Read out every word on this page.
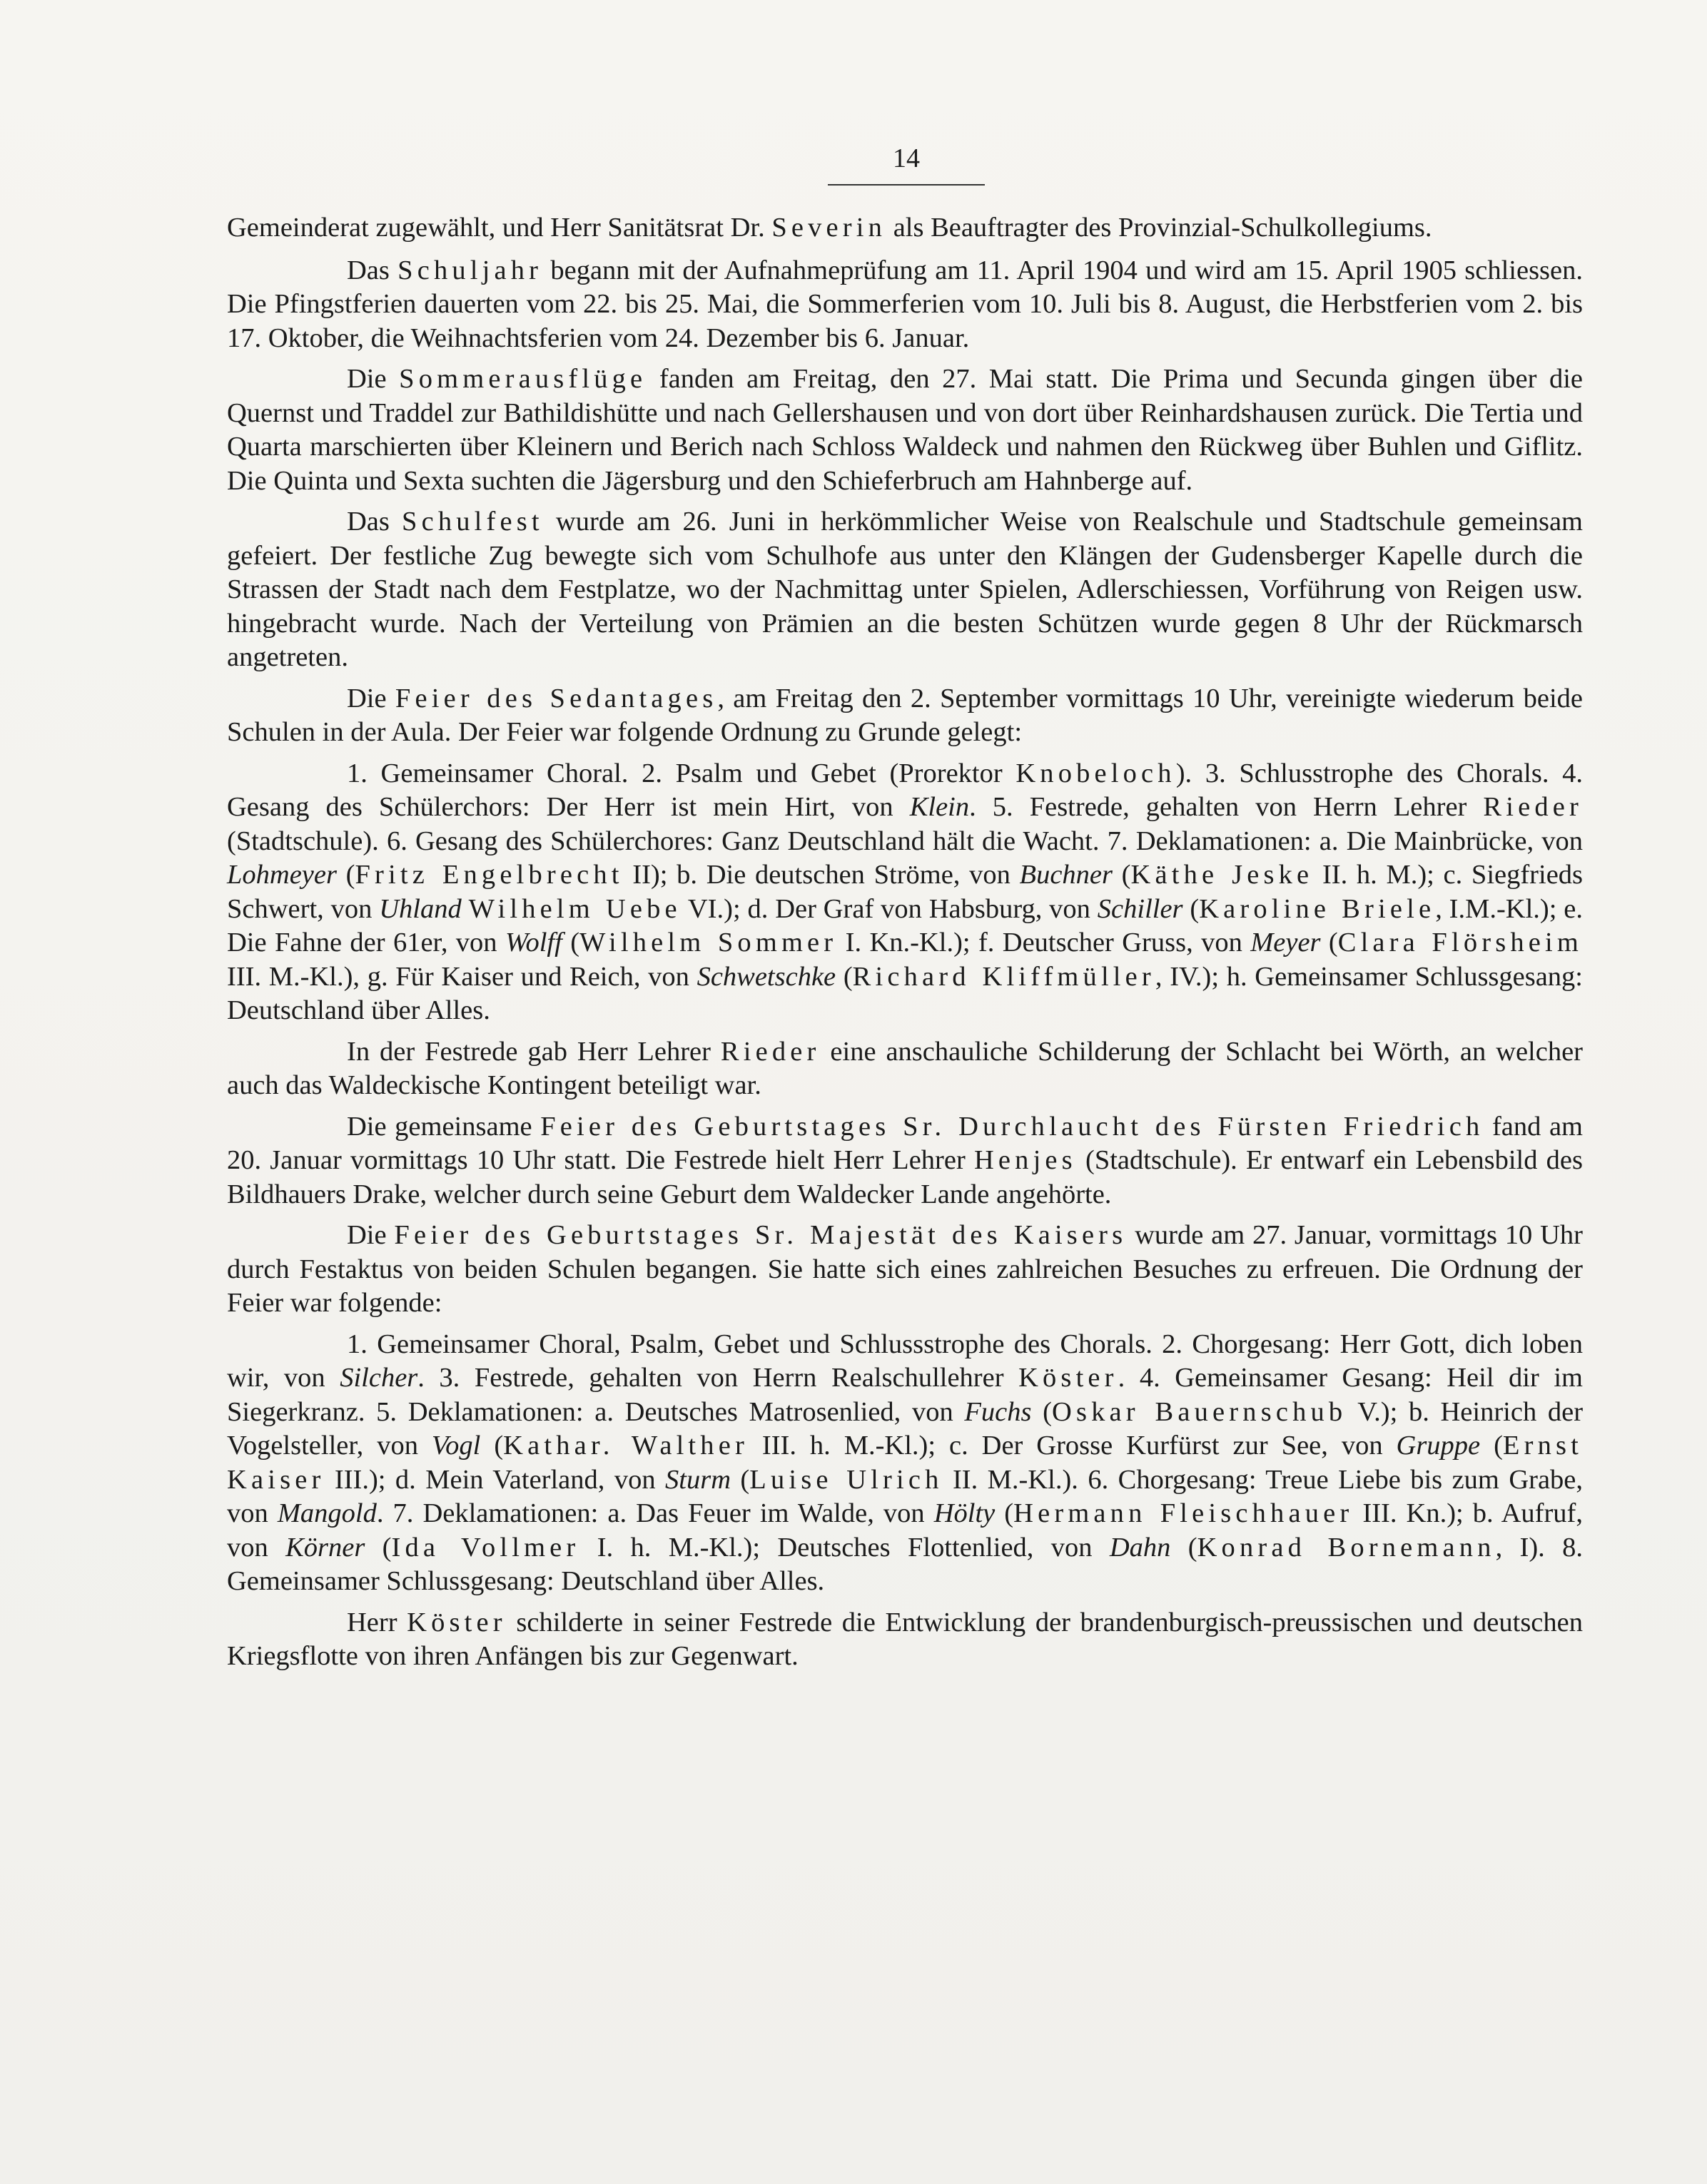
14

Gemeinderat zugewählt, und Herr Sanitätsrat Dr. Severin als Beauftragter des Provinzial-Schulkollegiums.

Das Schuljahr begann mit der Aufnahmeprüfung am 11. April 1904 und wird am 15. April 1905 schliessen. Die Pfingstferien dauerten vom 22. bis 25. Mai, die Sommerferien vom 10. Juli bis 8. August, die Herbstferien vom 2. bis 17. Oktober, die Weihnachtsferien vom 24. Dezember bis 6. Januar.

Die Sommerausflüge fanden am Freitag, den 27. Mai statt. Die Prima und Secunda gingen über die Quernst und Traddel zur Bathildishütte und nach Gellershausen und von dort über Reinhardshausen zurück. Die Tertia und Quarta marschierten über Kleinern und Berich nach Schloss Waldeck und nahmen den Rückweg über Buhlen und Giflitz. Die Quinta und Sexta suchten die Jägersburg und den Schieferbruch am Hahnberge auf.

Das Schulfest wurde am 26. Juni in herkömmlicher Weise von Realschule und Stadtschule gemeinsam gefeiert. Der festliche Zug bewegte sich vom Schulhofe aus unter den Klängen der Gudensberger Kapelle durch die Strassen der Stadt nach dem Festplatze, wo der Nachmittag unter Spielen, Adlerschiessen, Vorführung von Reigen usw. hingebracht wurde. Nach der Verteilung von Prämien an die besten Schützen wurde gegen 8 Uhr der Rückmarsch angetreten.

Die Feier des Sedantages, am Freitag den 2. September vormittags 10 Uhr, vereinigte wiederum beide Schulen in der Aula. Der Feier war folgende Ordnung zu Grunde gelegt:

1. Gemeinsamer Choral. 2. Psalm und Gebet (Prorektor Knobeloch). 3. Schlusstrophe des Chorals. 4. Gesang des Schülerchors: Der Herr ist mein Hirt, von Klein. 5. Festrede, gehalten von Herrn Lehrer Rieder (Stadtschule). 6. Gesang des Schülerchores: Ganz Deutschland hält die Wacht. 7. Deklamationen: a. Die Mainbrücke, von Lohmeyer (Fritz Engelbrecht II); b. Die deutschen Ströme, von Buchner (Käthe Jeske II. h. M.); c. Siegfrieds Schwert, von Uhland Wilhelm Uebe VI.); d. Der Graf von Habsburg, von Schiller (Karoline Briele, I.M.-Kl.); e. Die Fahne der 61er, von Wolff (Wilhelm Sommer I. Kn.-Kl.); f. Deutscher Gruss, von Meyer (Clara Flörsheim III. M.-Kl.), g. Für Kaiser und Reich, von Schwetschke (Richard Kliffmüller, IV.); h. Gemeinsamer Schlussgesang: Deutschland über Alles.

In der Festrede gab Herr Lehrer Rieder eine anschauliche Schilderung der Schlacht bei Wörth, an welcher auch das Waldeckische Kontingent beteiligt war.

Die gemeinsame Feier des Geburtstages Sr. Durchlaucht des Fürsten Friedrich fand am 20. Januar vormittags 10 Uhr statt. Die Festrede hielt Herr Lehrer Henjes (Stadtschule). Er entwarf ein Lebensbild des Bildhauers Drake, welcher durch seine Geburt dem Waldecker Lande angehörte.

Die Feier des Geburtstages Sr. Majestät des Kaisers wurde am 27. Januar, vormittags 10 Uhr durch Festaktus von beiden Schulen begangen. Sie hatte sich eines zahlreichen Besuches zu erfreuen. Die Ordnung der Feier war folgende:

1. Gemeinsamer Choral, Psalm, Gebet und Schlussstrophe des Chorals. 2. Chorgesang: Herr Gott, dich loben wir, von Silcher. 3. Festrede, gehalten von Herrn Realschullehrer Köster. 4. Gemeinsamer Gesang: Heil dir im Siegerkranz. 5. Deklamationen: a. Deutsches Matrosenlied, von Fuchs (Oskar Bauernschub V.); b. Heinrich der Vogelsteller, von Vogl (Kathar. Walther III. h. M.-Kl.); c. Der Grosse Kurfürst zur See, von Gruppe (Ernst Kaiser III.); d. Mein Vaterland, von Sturm (Luise Ulrich II. M.-Kl.). 6. Chorgesang: Treue Liebe bis zum Grabe, von Mangold. 7. Deklamationen: a. Das Feuer im Walde, von Hölty (Hermann Fleischhauer III. Kn.); b. Aufruf, von Körner (Ida Vollmer I. h. M.-Kl.); Deutsches Flottenlied, von Dahn (Konrad Bornemann, I). 8. Gemeinsamer Schlussgesang: Deutschland über Alles.

Herr Köster schilderte in seiner Festrede die Entwicklung der brandenburgisch-preussischen und deutschen Kriegsflotte von ihren Anfängen bis zur Gegenwart.
